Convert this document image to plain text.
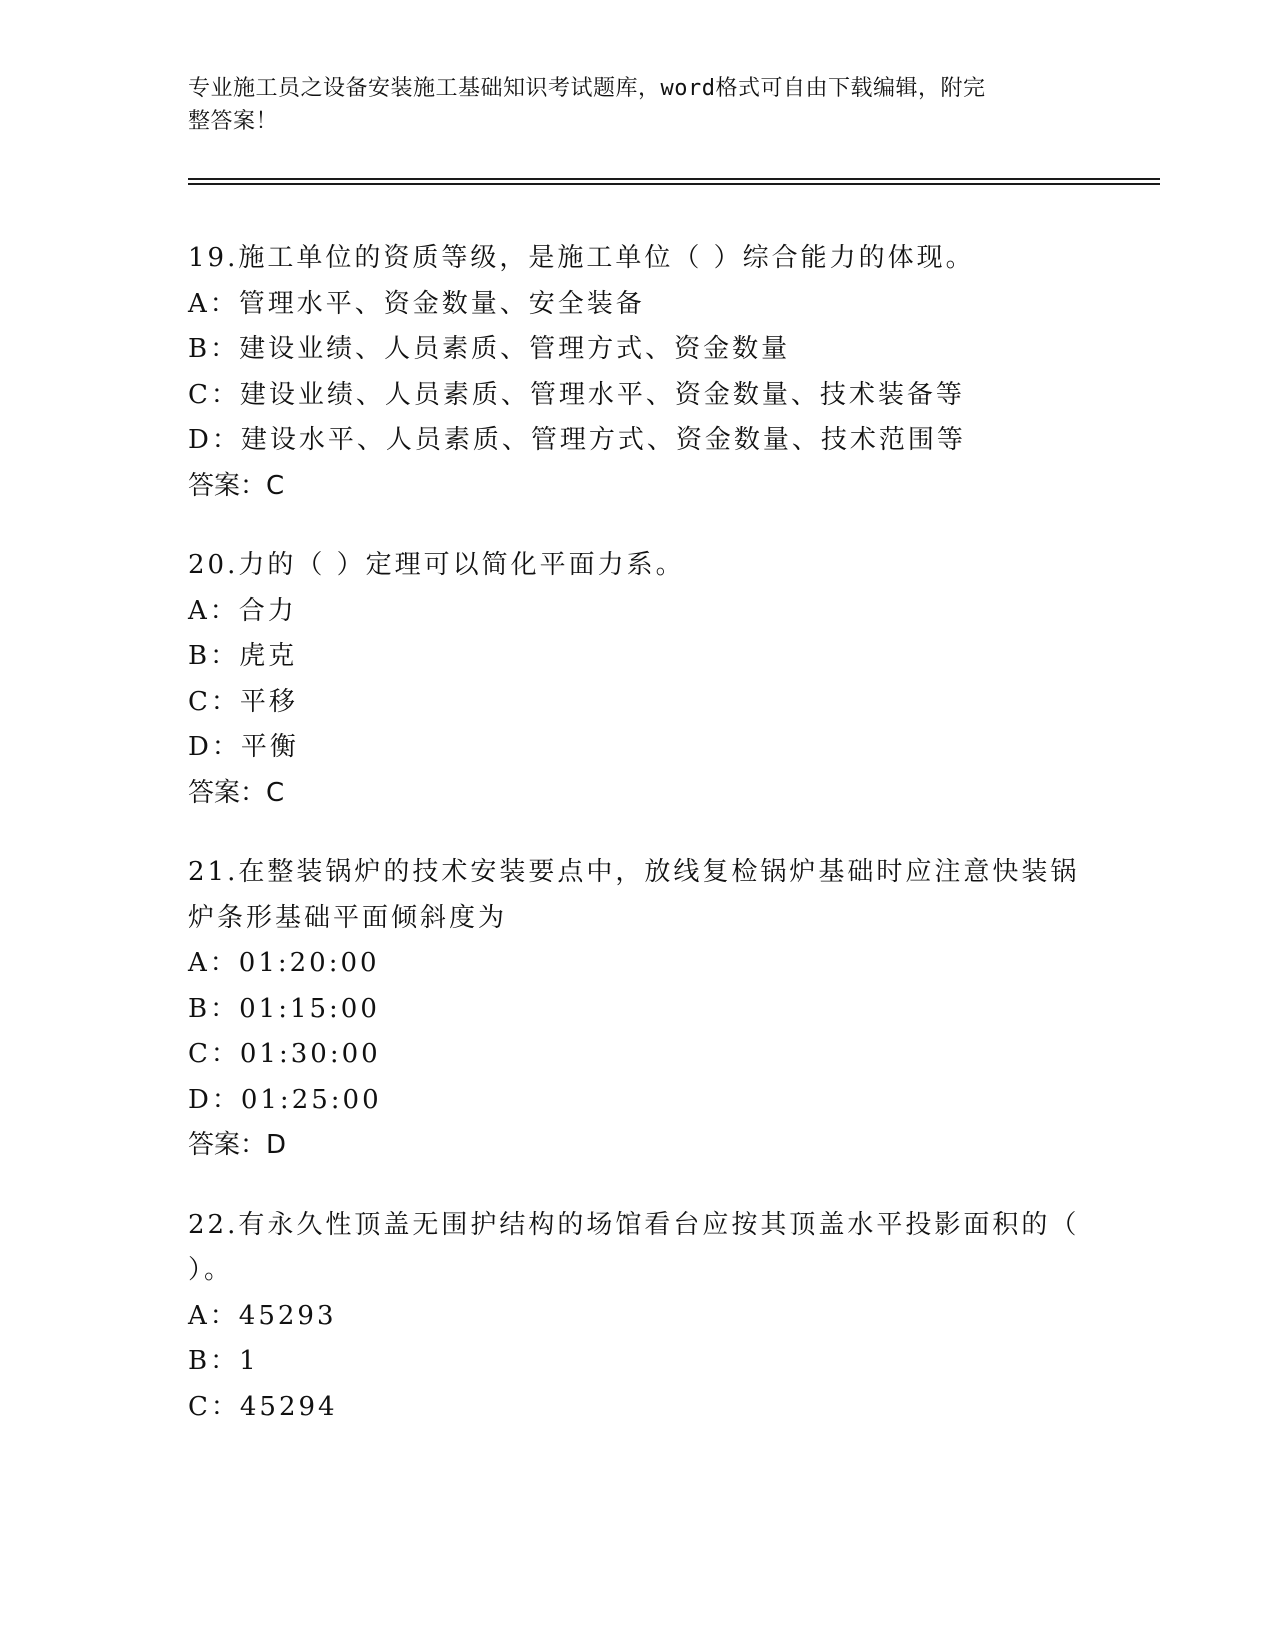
专业施工员之设备安装施工基础知识考试题库，word格式可自由下载编辑，附完
整答案！

19.施工单位的资质等级，是施工单位（ ）综合能力的体现。

A：管理水平、资金数量、安全装备

B：建设业绩、人员素质、管理方式、资金数量

C：建设业绩、人员素质、管理水平、资金数量、技术装备等

D：建设水平、人员素质、管理方式、资金数量、技术范围等

答案：C

20.力的（ ）定理可以简化平面力系。

A：合力

B：虎克

C：平移

D：平衡

答案：C

21.在整装锅炉的技术安装要点中，放线复检锅炉基础时应注意快装锅炉条形基础平面倾斜度为

A：01:20:00

B：01:15:00

C：01:30:00

D：01:25:00

答案：D

22.有永久性顶盖无围护结构的场馆看台应按其顶盖水平投影面积的（ ）。

A：45293

B：1

C：45294
